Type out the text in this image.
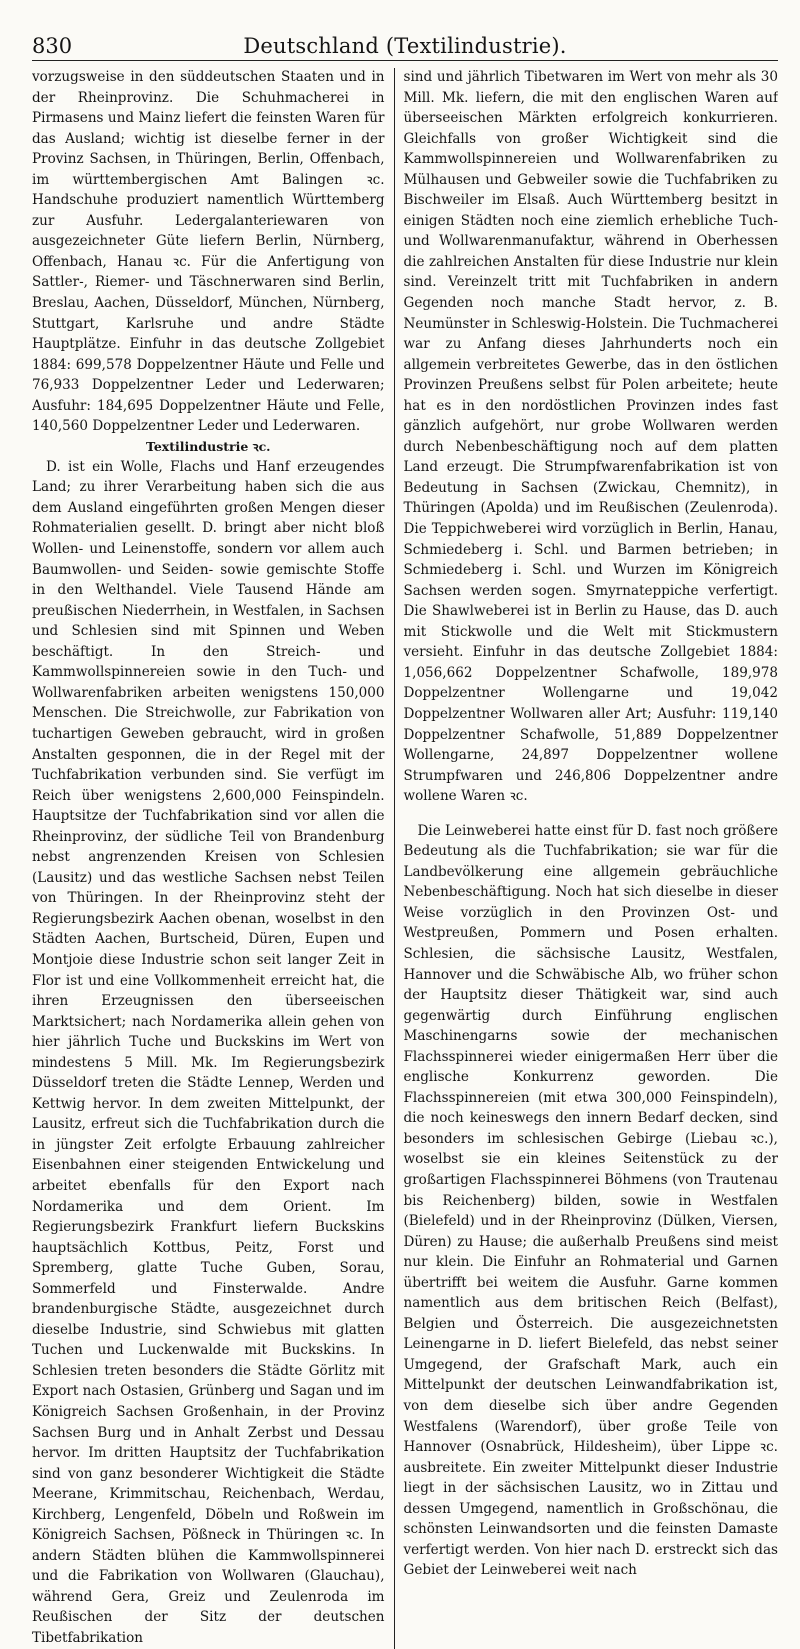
830	Deutschland (Textilindustrie).

vorzugsweise in den süddeutschen Staaten und in der Rheinprovinz. Die Schuhmacherei in Pirmasens und Mainz liefert die feinsten Waren für das Ausland; wichtig ist dieselbe ferner in der Provinz Sachsen, in Thüringen, Berlin, Offenbach, im württembergischen Amt Balingen ꝛc. Handschuhe produziert namentlich Württemberg zur Ausfuhr. Ledergalanteriewaren von ausgezeichneter Güte liefern Berlin, Nürnberg, Offenbach, Hanau ꝛc. Für die Anfertigung von Sattler-, Riemer- und Täschnerwaren sind Berlin, Breslau, Aachen, Düsseldorf, München, Nürnberg, Stuttgart, Karlsruhe und andre Städte Hauptplätze. Einfuhr in das deutsche Zollgebiet 1884: 699,578 Doppelzentner Häute und Felle und 76,933 Doppelzentner Leder und Lederwaren; Ausfuhr: 184,695 Doppelzentner Häute und Felle, 140,560 Doppelzentner Leder und Lederwaren.

Textilindustrie ꝛc.

D. ist ein Wolle, Flachs und Hanf erzeugendes Land; zu ihrer Verarbeitung haben sich die aus dem Ausland eingeführten großen Mengen dieser Rohmaterialien gesellt. D. bringt aber nicht bloß Wollen- und Leinenstoffe, sondern vor allem auch Baumwollen- und Seiden- sowie gemischte Stoffe in den Welthandel. Viele Tausend Hände am preußischen Niederrhein, in Westfalen, in Sachsen und Schlesien sind mit Spinnen und Weben beschäftigt. In den Streich- und Kammwollspinnereien sowie in den Tuch- und Wollwarenfabriken arbeiten wenigstens 150,000 Menschen. Die Streichwolle, zur Fabrikation von tuchartigen Geweben gebraucht, wird in großen Anstalten gesponnen, die in der Regel mit der Tuchfabrikation verbunden sind. Sie verfügt im Reich über wenigstens 2,600,000 Feinspindeln. Hauptsitze der Tuchfabrikation sind vor allen die Rheinprovinz, der südliche Teil von Brandenburg nebst angrenzenden Kreisen von Schlesien (Lausitz) und das westliche Sachsen nebst Teilen von Thüringen. In der Rheinprovinz steht der Regierungsbezirk Aachen obenan, woselbst in den Städten Aachen, Burtscheid, Düren, Eupen und Montjoie diese Industrie schon seit langer Zeit in Flor ist und eine Vollkommenheit erreicht hat, die ihren Erzeugnissen den überseeischen Marktsichert; nach Nordamerika allein gehen von hier jährlich Tuche und Buckskins im Wert von mindestens 5 Mill. Mk. Im Regierungsbezirk Düsseldorf treten die Städte Lennep, Werden und Kettwig hervor. In dem zweiten Mittelpunkt, der Lausitz, erfreut sich die Tuchfabrikation durch die in jüngster Zeit erfolgte Erbauung zahlreicher Eisenbahnen einer steigenden Entwickelung und arbeitet ebenfalls für den Export nach Nordamerika und dem Orient. Im Regierungsbezirk Frankfurt liefern Buckskins hauptsächlich Kottbus, Peitz, Forst und Spremberg, glatte Tuche Guben, Sorau, Sommerfeld und Finsterwalde. Andre brandenburgische Städte, ausgezeichnet durch dieselbe Industrie, sind Schwiebus mit glatten Tuchen und Luckenwalde mit Buckskins. In Schlesien treten besonders die Städte Görlitz mit Export nach Ostasien, Grünberg und Sagan und im Königreich Sachsen Großenhain, in der Provinz Sachsen Burg und in Anhalt Zerbst und Dessau hervor. Im dritten Hauptsitz der Tuchfabrikation sind von ganz besonderer Wichtigkeit die Städte Meerane, Krimmitschau, Reichenbach, Werdau, Kirchberg, Lengenfeld, Döbeln und Roßwein im Königreich Sachsen, Pößneck in Thüringen ꝛc. In andern Städten blühen die Kammwollspinnerei und die Fabrikation von Wollwaren (Glauchau), während Gera, Greiz und Zeulenroda im Reußischen der Sitz der deutschen Tibetfabrikation

sind und jährlich Tibetwaren im Wert von mehr als 30 Mill. Mk. liefern, die mit den englischen Waren auf überseeischen Märkten erfolgreich konkurrieren. Gleichfalls von großer Wichtigkeit sind die Kammwollspinnereien und Wollwarenfabriken zu Mülhausen und Gebweiler sowie die Tuchfabriken zu Bischweiler im Elsaß. Auch Württemberg besitzt in einigen Städten noch eine ziemlich erhebliche Tuch- und Wollwarenmanufaktur, während in Oberhessen die zahlreichen Anstalten für diese Industrie nur klein sind. Vereinzelt tritt mit Tuchfabriken in andern Gegenden noch manche Stadt hervor, z. B. Neumünster in Schleswig-Holstein. Die Tuchmacherei war zu Anfang dieses Jahrhunderts noch ein allgemein verbreitetes Gewerbe, das in den östlichen Provinzen Preußens selbst für Polen arbeitete; heute hat es in den nordöstlichen Provinzen indes fast gänzlich aufgehört, nur grobe Wollwaren werden durch Nebenbeschäftigung noch auf dem platten Land erzeugt. Die Strumpfwarenfabrikation ist von Bedeutung in Sachsen (Zwickau, Chemnitz), in Thüringen (Apolda) und im Reußischen (Zeulenroda). Die Teppichweberei wird vorzüglich in Berlin, Hanau, Schmiedeberg i. Schl. und Barmen betrieben; in Schmiedeberg i. Schl. und Wurzen im Königreich Sachsen werden sogen. Smyrnateppiche verfertigt. Die Shawlweberei ist in Berlin zu Hause, das D. auch mit Stickwolle und die Welt mit Stickmustern versieht. Einfuhr in das deutsche Zollgebiet 1884: 1,056,662 Doppelzentner Schafwolle, 189,978 Doppelzentner Wollengarne und 19,042 Doppelzentner Wollwaren aller Art; Ausfuhr: 119,140 Doppelzentner Schafwolle, 51,889 Doppelzentner Wollengarne, 24,897 Doppelzentner wollene Strumpfwaren und 246,806 Doppelzentner andre wollene Waren ꝛc.

Die Leinweberei hatte einst für D. fast noch größere Bedeutung als die Tuchfabrikation; sie war für die Landbevölkerung eine allgemein gebräuchliche Nebenbeschäftigung. Noch hat sich dieselbe in dieser Weise vorzüglich in den Provinzen Ost- und Westpreußen, Pommern und Posen erhalten. Schlesien, die sächsische Lausitz, Westfalen, Hannover und die Schwäbische Alb, wo früher schon der Hauptsitz dieser Thätigkeit war, sind auch gegenwärtig durch Einführung englischen Maschinengarns sowie der mechanischen Flachsspinnerei wieder einigermaßen Herr über die englische Konkurrenz geworden. Die Flachsspinnereien (mit etwa 300,000 Feinspindeln), die noch keineswegs den innern Bedarf decken, sind besonders im schlesischen Gebirge (Liebau ꝛc.), woselbst sie ein kleines Seitenstück zu der großartigen Flachsspinnerei Böhmens (von Trautenau bis Reichenberg) bilden, sowie in Westfalen (Bielefeld) und in der Rheinprovinz (Dülken, Viersen, Düren) zu Hause; die außerhalb Preußens sind meist nur klein. Die Einfuhr an Rohmaterial und Garnen übertrifft bei weitem die Ausfuhr. Garne kommen namentlich aus dem britischen Reich (Belfast), Belgien und Österreich. Die ausgezeichnetsten Leinengarne in D. liefert Bielefeld, das nebst seiner Umgegend, der Grafschaft Mark, auch ein Mittelpunkt der deutschen Leinwandfabrikation ist, von dem dieselbe sich über andre Gegenden Westfalens (Warendorf), über große Teile von Hannover (Osnabrück, Hildesheim), über Lippe ꝛc. ausbreitete. Ein zweiter Mittelpunkt dieser Industrie liegt in der sächsischen Lausitz, wo in Zittau und dessen Umgegend, namentlich in Großschönau, die schönsten Leinwandsorten und die feinsten Damaste verfertigt werden. Von hier nach D. erstreckt sich das Gebiet der Leinweberei weit nach
